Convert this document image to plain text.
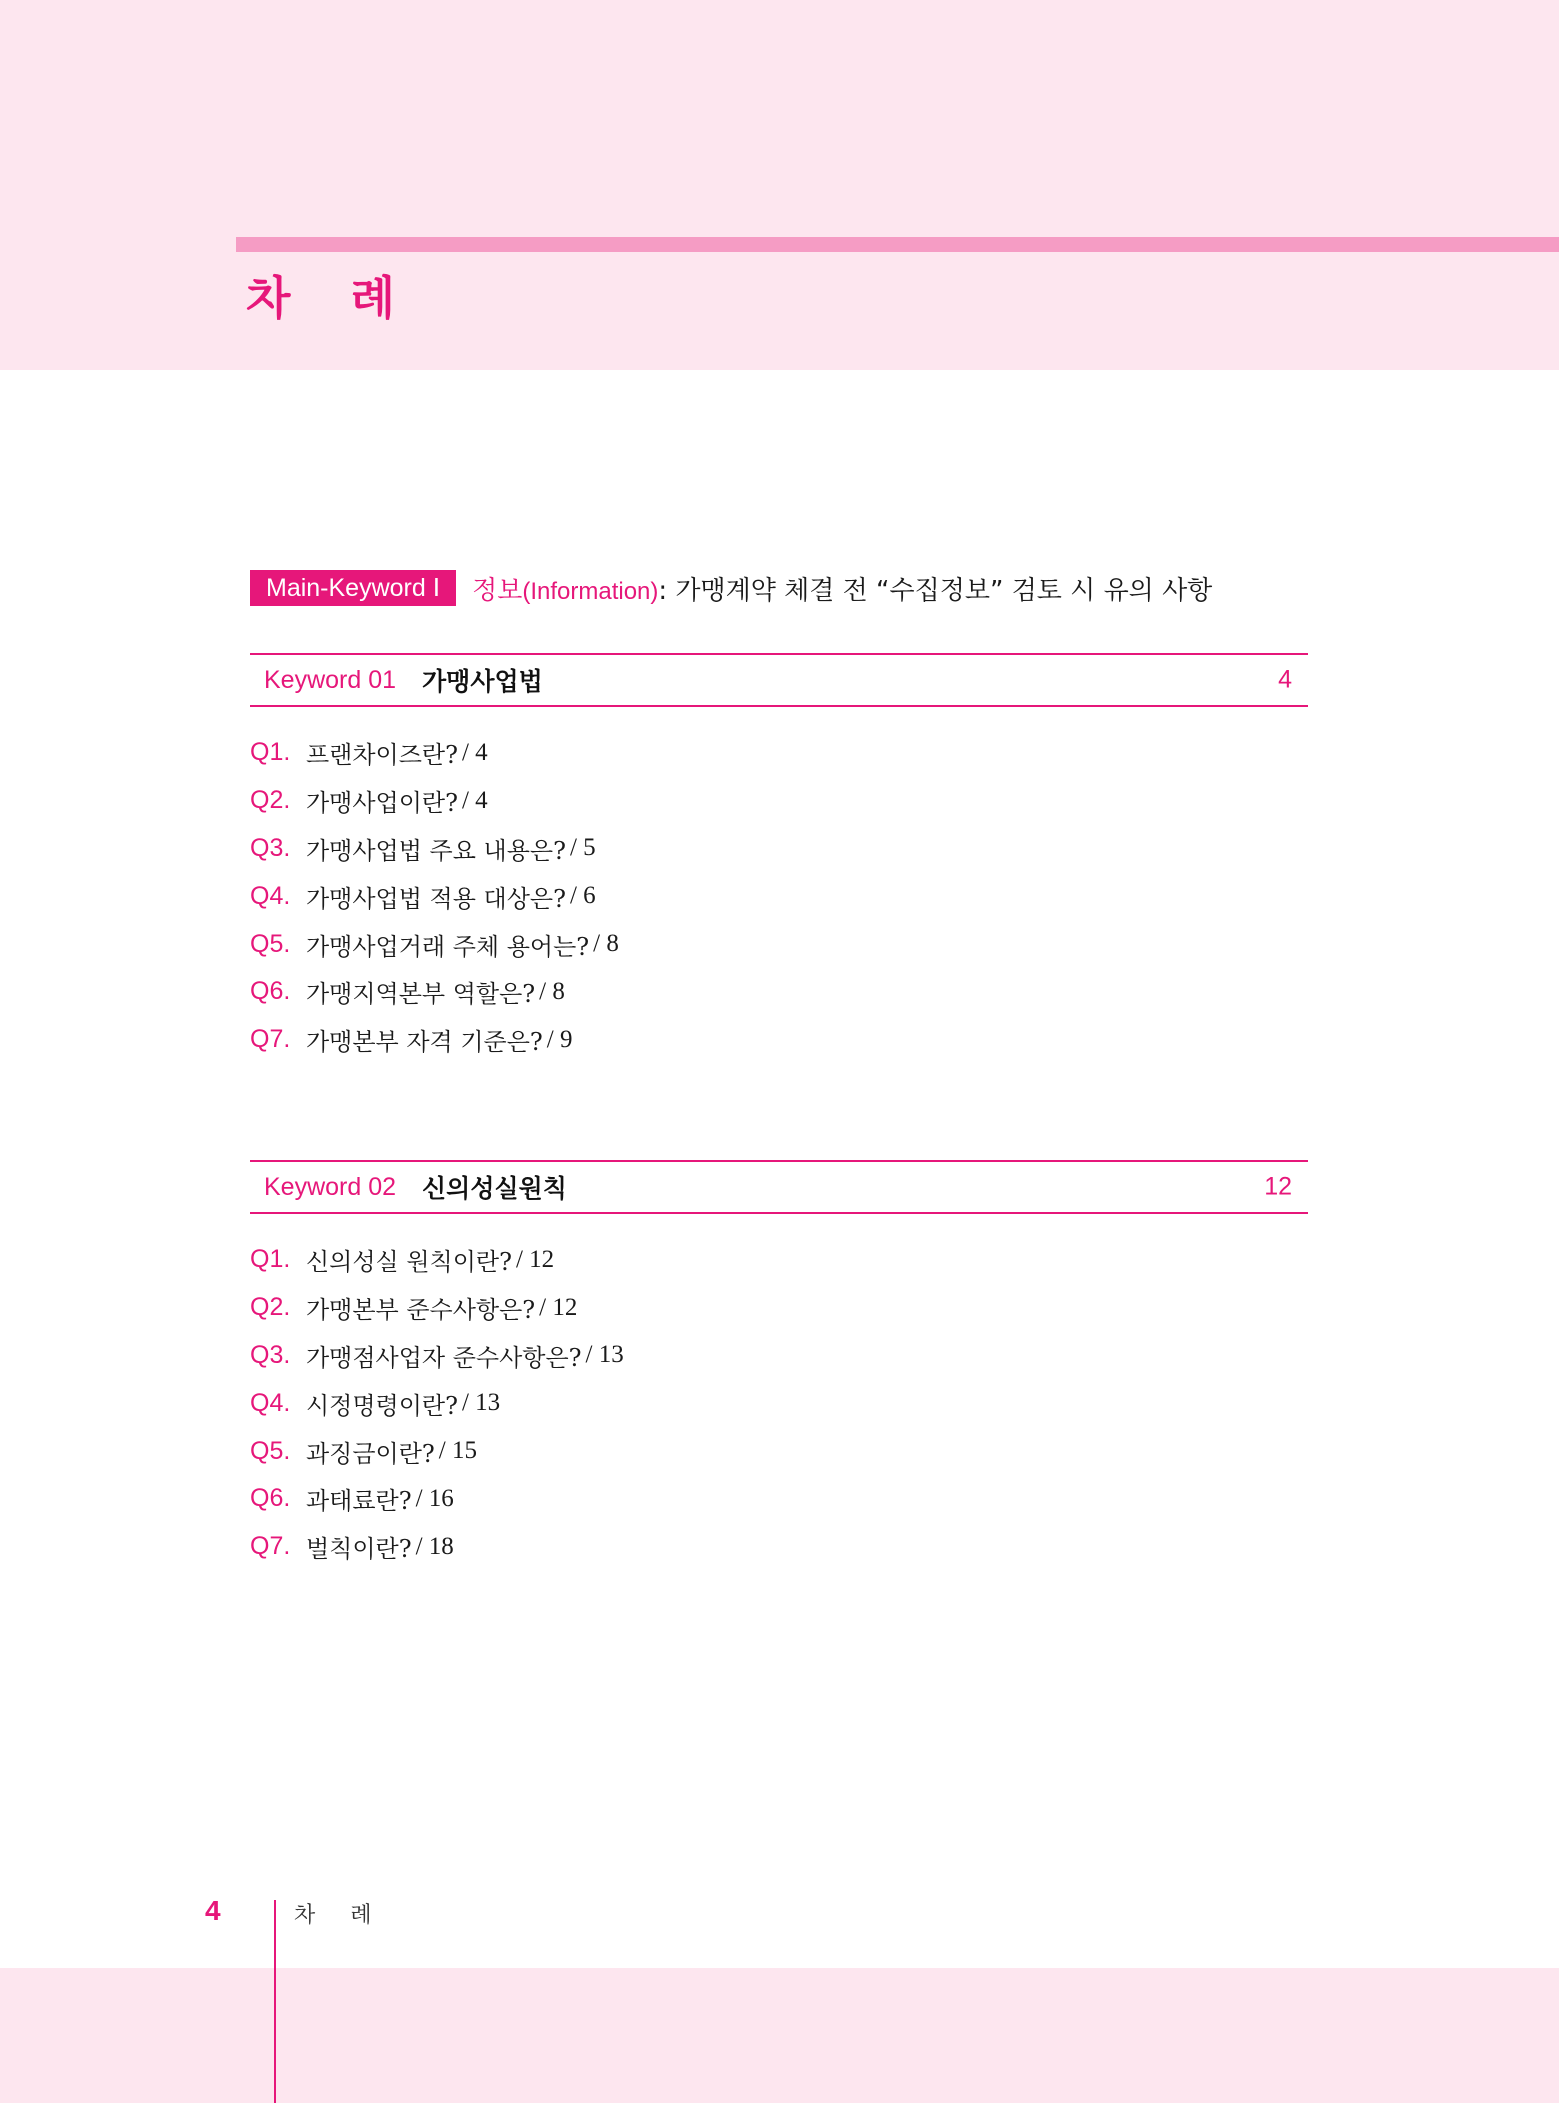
차 례
Main-Keyword Ⅰ	정보(Information): 가맹계약 체결 전 “수집정보” 검토 시 유의 사항
Keyword 01 가맹사업법	4
Q1. 프랜차이즈란? / 4
Q2. 가맹사업이란? / 4
Q3. 가맹사업법 주요 내용은? / 5
Q4. 가맹사업법 적용 대상은? / 6
Q5. 가맹사업거래 주체 용어는? / 8
Q6. 가맹지역본부 역할은? / 8
Q7. 가맹본부 자격 기준은? / 9
Keyword 02 신의성실원칙	12
Q1. 신의성실 원칙이란? / 12
Q2. 가맹본부 준수사항은? / 12
Q3. 가맹점사업자 준수사항은? / 13
Q4. 시정명령이란? / 13
Q5. 과징금이란? / 15
Q6. 과태료란? / 16
Q7. 벌칙이란? / 18
4	차 례
